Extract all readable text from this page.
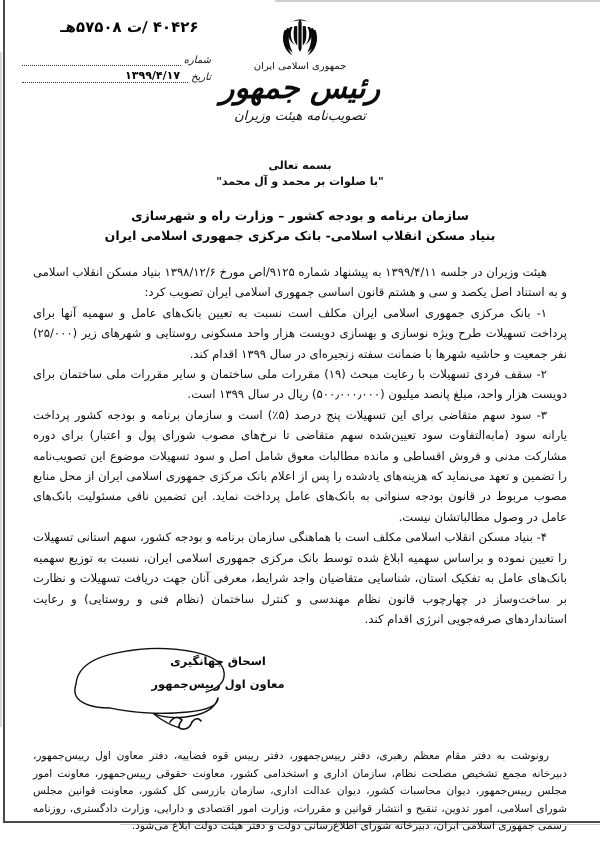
جمهوری اسلامی ایران
رئیس جمهور
تصویب‌نامه هیئت وزیران
۴۰۴۲۶ /ت ۵۷۵۰۸هـ
شماره
تاریخ
۱۳۹۹/۴/۱۷
بسمه تعالی
"با صلوات بر محمد و آل محمد"
سازمان برنامه و بودجه کشور – وزارت راه و شهرسازی
بنیاد مسکن انقلاب اسلامی- بانک مرکزی جمهوری اسلامی ایران

هیئت وزیران در جلسه ۱۳۹۹/۴/۱۱ به پیشنهاد شماره ۹۱۲۵/اص مورخ ۱۳۹۸/۱۲/۶ بنیاد مسکن انقلاب اسلامی و به استناد اصل یکصد و سی و هشتم قانون اساسی جمهوری اسلامی ایران تصویب کرد:

۱- بانک مرکزی جمهوری اسلامی ایران مکلف است نسبت به تعیین بانک‌های عامل و سهمیه آنها برای پرداخت تسهیلات طرح ویژه نوسازی و بهسازی دویست هزار واحد مسکونی روستایی و شهرهای زیر (۲۵/۰۰۰) نفر جمعیت و حاشیه شهرها با ضمانت سفته زنجیره‌ای در سال ۱۳۹۹ اقدام کند.

۲- سقف فردی تسهیلات با رعایت مبحث (۱۹) مقررات ملی ساختمان و سایر مقررات ملی ساختمان برای دویست هزار واحد، مبلغ پانصد میلیون (۵۰۰٫۰۰۰٫۰۰۰) ریال در سال ۱۳۹۹ است.

۳- سود سهم متقاضی برای این تسهیلات پنج درصد (۵٪) است و سازمان برنامه و بودجه کشور پرداخت یارانه سود (مابه‌التفاوت سود تعیین‌شده سهم متقاضی تا نرخ‌های مصوب شورای پول و اعتبار) برای دوره مشارکت مدنی و فروش اقساطی و مانده مطالبات معوق شامل اصل و سود تسهیلات موضوع این تصویب‌نامه را تضمین و تعهد می‌نماید که هزینه‌های یادشده را پس از اعلام بانک مرکزی جمهوری اسلامی ایران از محل منابع مصوب مربوط در قانون بودجه سنواتی به بانک‌های عامل پرداخت نماید. این تضمین نافی مسئولیت بانک‌های عامل در وصول مطالباتشان نیست.

۴- بنیاد مسکن انقلاب اسلامی مکلف است با هماهنگی سازمان برنامه و بودجه کشور، سهم استانی تسهیلات را تعیین نموده و براساس سهمیه ابلاغ شده توسط بانک مرکزی جمهوری اسلامی ایران، نسبت به توزیع سهمیه بانک‌های عامل به تفکیک استان، شناسایی متقاضیان واجد شرایط، معرفی آنان جهت دریافت تسهیلات و نظارت بر ساخت‌وساز در چهارچوب قانون نظام مهندسی و کنترل ساختمان (نظام فنی و روستایی) و رعایت استانداردهای صرفه‌جویی انرژی اقدام کند.

اسحاق جهانگیری
معاون اول رییس‌جمهور

رونوشت به دفتر مقام معظم رهبری، دفتر ریيس‌جمهور، دفتر ریيس قوه قضاییه، دفتر معاون اول رییس‌جمهور، دبیرخانه مجمع تشخیص مصلحت نظام، سازمان اداری و استخدامی کشور، معاونت حقوقی رییس‌جمهور، معاونت امور مجلس رییس‌جمهور، دیوان محاسبات کشور، دیوان عدالت اداری، سازمان بازرسی کل کشور، معاونت قوانین مجلس شورای اسلامی، امور تدوین، تنقیح و انتشار قوانین و مقررات، وزارت امور اقتصادی و دارایی، وزارت دادگستری، روزنامه رسمی جمهوری اسلامی ایران، دبیرخانه شورای اطلاع‌رسانی دولت و دفتر هیئت دولت ابلاغ می‌شود.
